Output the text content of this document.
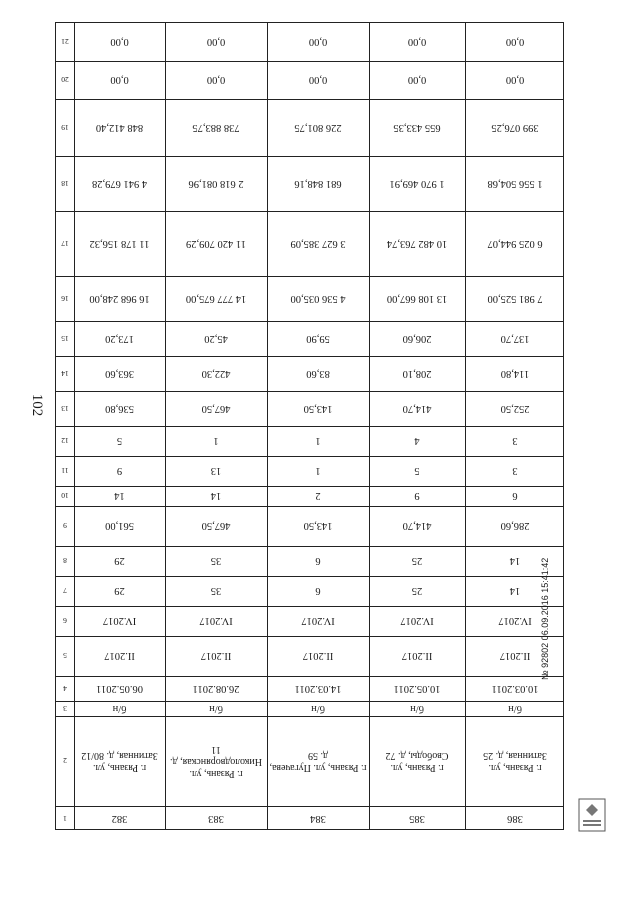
102
21
20
19
18
17
16
15
14
13
12
11
10
9
8
7
6
5
4
3
2
1
0,00
0,00
848 412,40
4 941 679,28
11 178 156,32
16 968 248,00
173,20
363,60
536,80
5
9
14
561,00
29
29
IV.2017
II.2017
06.05.2011
б/н
г. Рязань, ул. Затинная, д. 80/12
382
0,00
0,00
738 883,75
2 618 081,96
11 420 709,29
14 777 675,00
45,20
422,30
467,50
1
13
14
467,50
35
35
IV.2017
II.2017
26.08.2011
б/н
г. Рязань, ул. Николодворянская, д. 11
383
0,00
0,00
226 801,75
681 848,16
3 627 385,09
4 536 035,00
59,90
83,60
143,50
1
1
2
143,50
6
6
IV.2017
II.2017
14.03.2011
б/н
г. Рязань, ул. Пугачева, д. 59
384
0,00
0,00
655 433,35
1 970 469,91
10 482 763,74
13 108 667,00
206,60
208,10
414,70
4
5
9
414,70
25
25
IV.2017
II.2017
10.05.2011
б/н
г. Рязань, ул. Свободы, д. 72
385
0,00
0,00
399 076,25
1 556 504,68
6 025 944,07
7 981 525,00
137,70
114,80
252,50
3
3
6
286,60
14
14
IV.2017
II.2017
10.03.2011
б/н
г. Рязань, ул. Затинная, д. 25
386
№ 92802 06.09.2016 15:41:42
